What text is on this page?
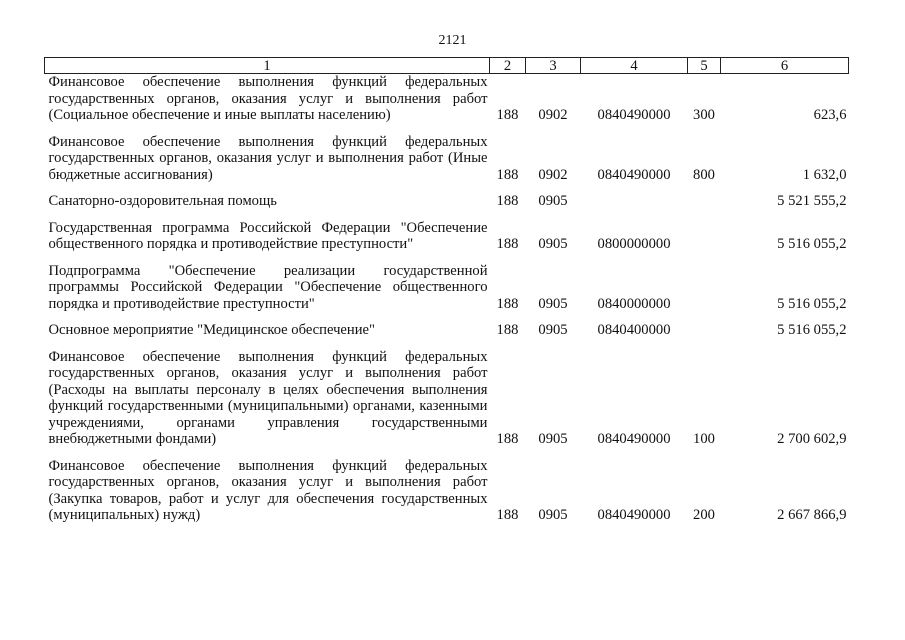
2121
1	2	3	4	5	6
Финансовое обеспечение выполнения функций федеральных государственных органов, оказания услуг и выполнения работ (Социальное обеспечение и иные выплаты населению)	188	0902	0840490000	300	623,6

Финансовое обеспечение выполнения функций федеральных государственных органов, оказания услуг и выполнения работ (Иные бюджетные ассигнования)	188	0902	0840490000	800	1 632,0

Санаторно-оздоровительная помощь	188	0905			5 521 555,2

Государственная программа Российской Федерации "Обеспечение общественного порядка и противодействие преступности"	188	0905	0800000000		5 516 055,2

Подпрограмма "Обеспечение реализации государственной программы Российской Федерации "Обеспечение общественного порядка и противодействие преступности"	188	0905	0840000000		5 516 055,2

Основное мероприятие "Медицинское обеспечение"	188	0905	0840400000		5 516 055,2

Финансовое обеспечение выполнения функций федеральных государственных органов, оказания услуг и выполнения работ (Расходы на выплаты персоналу в целях обеспечения выполнения функций государственными (муниципальными) органами, казенными учреждениями, органами управления государственными внебюджетными фондами)	188	0905	0840490000	100	2 700 602,9

Финансовое обеспечение выполнения функций федеральных государственных органов, оказания услуг и выполнения работ (Закупка товаров, работ и услуг для обеспечения государственных (муниципальных) нужд)	188	0905	0840490000	200	2 667 866,9
